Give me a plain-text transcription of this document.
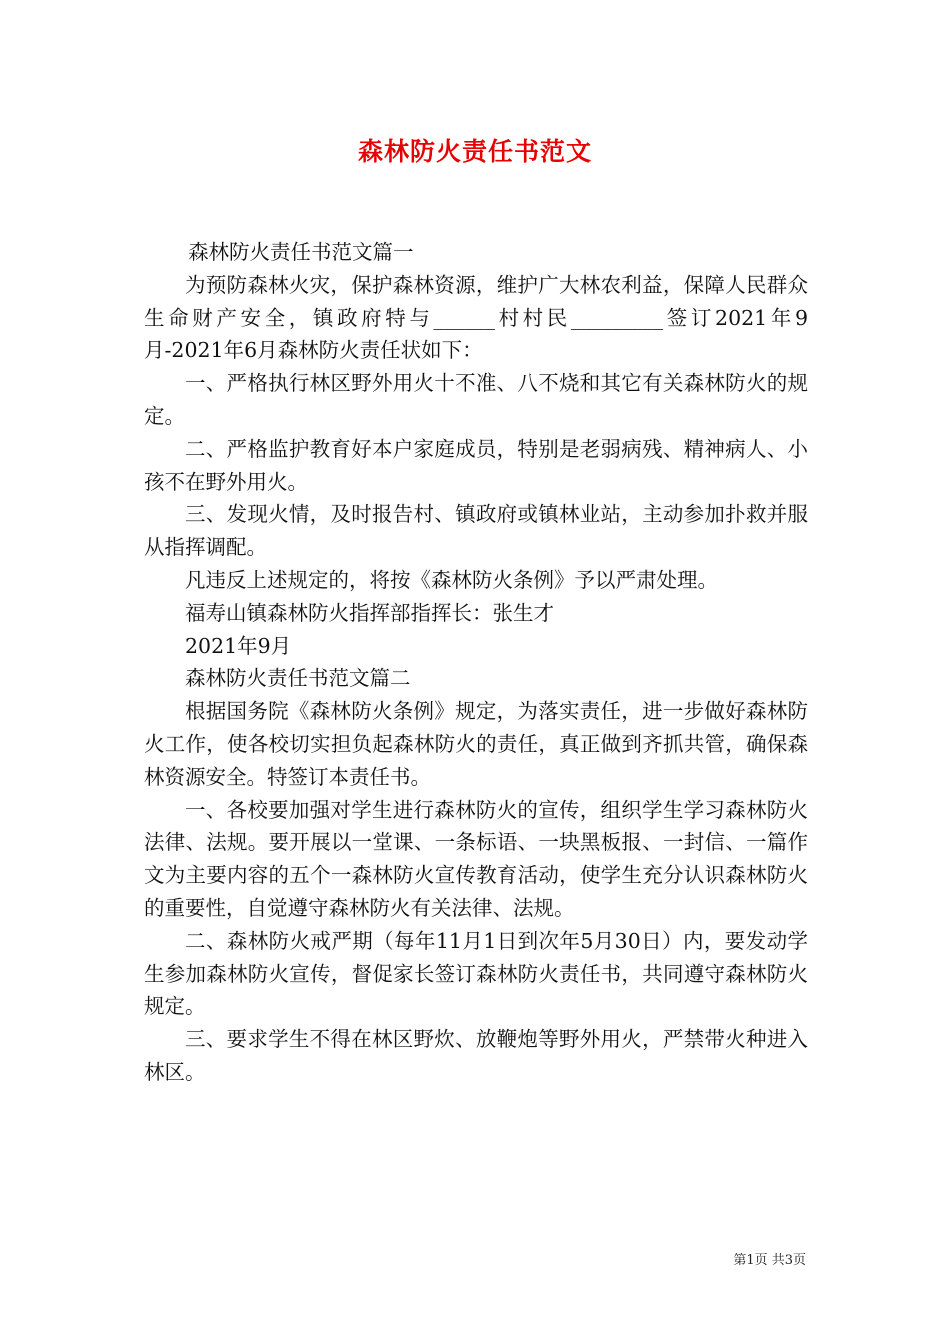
森林防火责任书范文

森林防火责任书范文篇一

为预防森林火灾，保护森林资源，维护广大林农利益，保障人民群众生命财产安全，镇政府特与______村村民_________签订2021年9月-2021年6月森林防火责任状如下：

一、严格执行林区野外用火十不准、八不烧和其它有关森林防火的规定。

二、严格监护教育好本户家庭成员，特别是老弱病残、精神病人、小孩不在野外用火。

三、发现火情，及时报告村、镇政府或镇林业站，主动参加扑救并服从指挥调配。

凡违反上述规定的，将按《森林防火条例》予以严肃处理。

福寿山镇森林防火指挥部指挥长：张生才

2021年9月

森林防火责任书范文篇二

根据国务院《森林防火条例》规定，为落实责任，进一步做好森林防火工作，使各校切实担负起森林防火的责任，真正做到齐抓共管，确保森林资源安全。特签订本责任书。

一、各校要加强对学生进行森林防火的宣传，组织学生学习森林防火法律、法规。要开展以一堂课、一条标语、一块黑板报、一封信、一篇作文为主要内容的五个一森林防火宣传教育活动，使学生充分认识森林防火的重要性，自觉遵守森林防火有关法律、法规。

二、森林防火戒严期（每年11月1日到次年5月30日）内，要发动学生参加森林防火宣传，督促家长签订森林防火责任书，共同遵守森林防火规定。

三、要求学生不得在林区野炊、放鞭炮等野外用火，严禁带火种进入林区。

第1页 共3页
